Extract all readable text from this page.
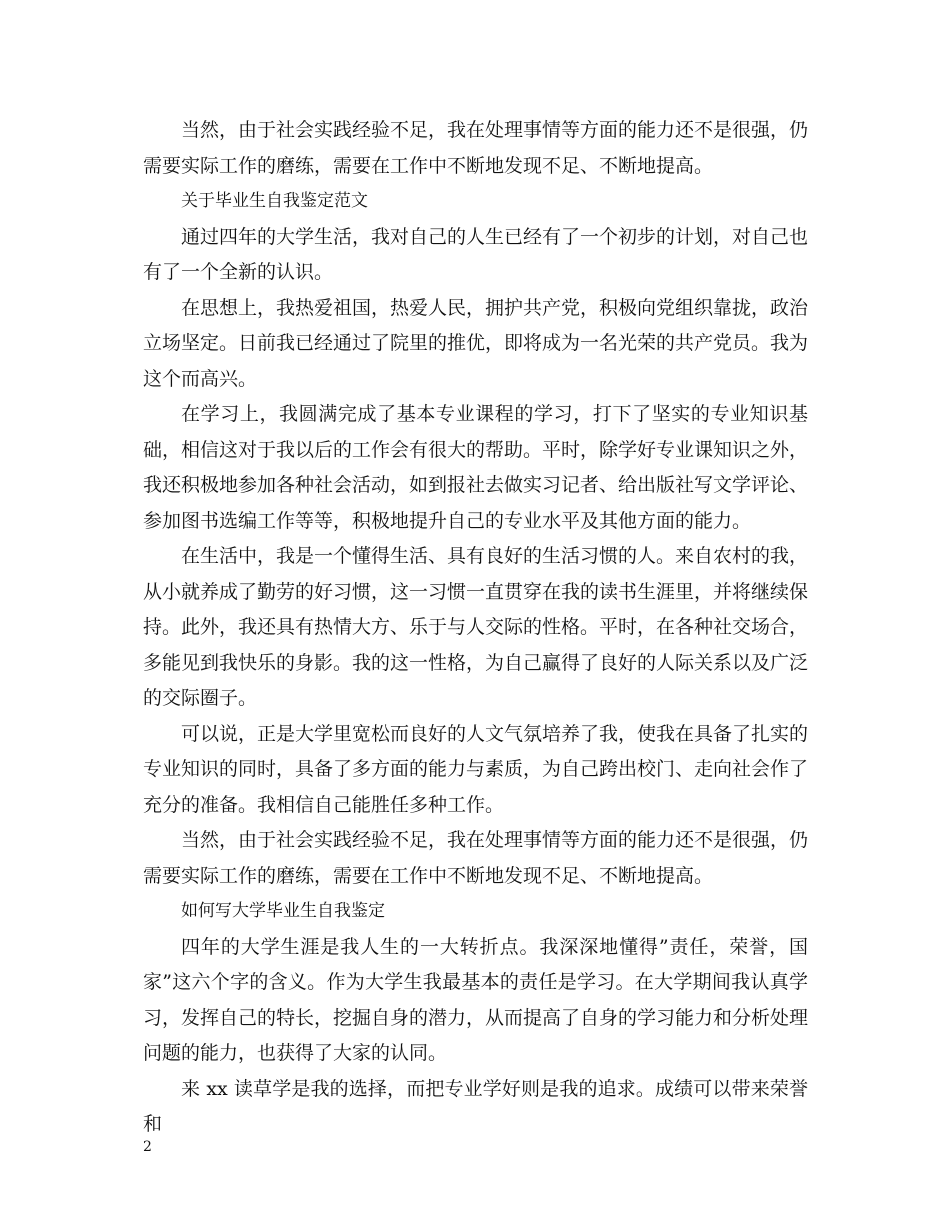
当然，由于社会实践经验不足，我在处理事情等方面的能力还不是很强，仍需要实际工作的磨练，需要在工作中不断地发现不足、不断地提高。

关于毕业生自我鉴定范文

通过四年的大学生活，我对自己的人生已经有了一个初步的计划，对自己也有了一个全新的认识。

在思想上，我热爱祖国，热爱人民，拥护共产党，积极向党组织靠拢，政治立场坚定。日前我已经通过了院里的推优，即将成为一名光荣的共产党员。我为这个而高兴。

在学习上，我圆满完成了基本专业课程的学习，打下了坚实的专业知识基础，相信这对于我以后的工作会有很大的帮助。平时，除学好专业课知识之外，我还积极地参加各种社会活动，如到报社去做实习记者、给出版社写文学评论、参加图书选编工作等等，积极地提升自己的专业水平及其他方面的能力。

在生活中，我是一个懂得生活、具有良好的生活习惯的人。来自农村的我，从小就养成了勤劳的好习惯，这一习惯一直贯穿在我的读书生涯里，并将继续保持。此外，我还具有热情大方、乐于与人交际的性格。平时，在各种社交场合，多能见到我快乐的身影。我的这一性格，为自己赢得了良好的人际关系以及广泛的交际圈子。

可以说，正是大学里宽松而良好的人文气氛培养了我，使我在具备了扎实的专业知识的同时，具备了多方面的能力与素质，为自己跨出校门、走向社会作了充分的准备。我相信自己能胜任多种工作。

当然，由于社会实践经验不足，我在处理事情等方面的能力还不是很强，仍需要实际工作的磨练，需要在工作中不断地发现不足、不断地提高。

如何写大学毕业生自我鉴定

四年的大学生涯是我人生的一大转折点。我深深地懂得”责任，荣誉，国家”这六个字的含义。作为大学生我最基本的责任是学习。在大学期间我认真学习，发挥自己的特长，挖掘自身的潜力，从而提高了自身的学习能力和分析处理问题的能力，也获得了大家的认同。

来 xx 读草学是我的选择，而把专业学好则是我的追求。成绩可以带来荣誉和

2
